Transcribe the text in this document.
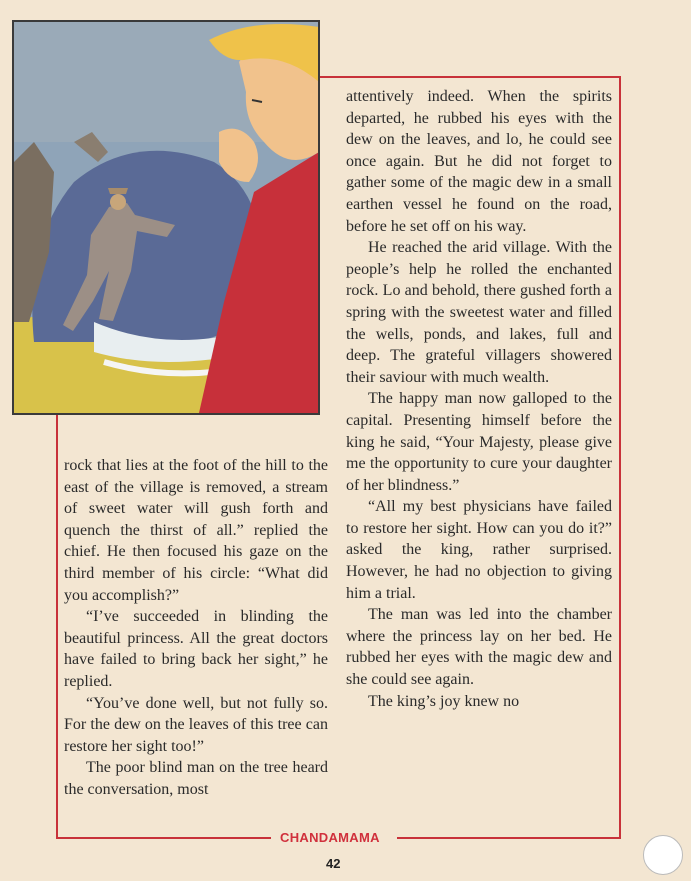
attentively indeed. When the spirits departed, he rubbed his eyes with the dew on the leaves, and lo, he could see once again. But he did not forget to gather some of the magic dew in a small earthen vessel he found on the road, before he set off on his way.

He reached the arid village. With the people’s help he rolled the enchanted rock. Lo and behold, there gushed forth a spring with the sweetest water and filled the wells, ponds, and lakes, full and deep. The grateful villagers showered their saviour with much wealth.

The happy man now galloped to the capital. Presenting himself before the king he said, “Your Majesty, please give me the opportunity to cure your daughter of her blindness.”

“All my best physicians have failed to restore her sight. How can you do it?” asked the king, rather surprised. However, he had no objection to giving him a trial.

The man was led into the chamber where the princess lay on her bed. He rubbed her eyes with the magic dew and she could see again.

The king’s joy knew no

rock that lies at the foot of the hill to the east of the village is removed, a stream of sweet water will gush forth and quench the thirst of all.” replied the chief. He then focused his gaze on the third member of his circle: “What did you accomplish?”

“I’ve succeeded in blinding the beautiful princess. All the great doctors have failed to bring back her sight,” he replied.

“You’ve done well, but not fully so. For the dew on the leaves of this tree can restore her sight too!”

The poor blind man on the tree heard the conversation, most

CHANDAMAMA
42
